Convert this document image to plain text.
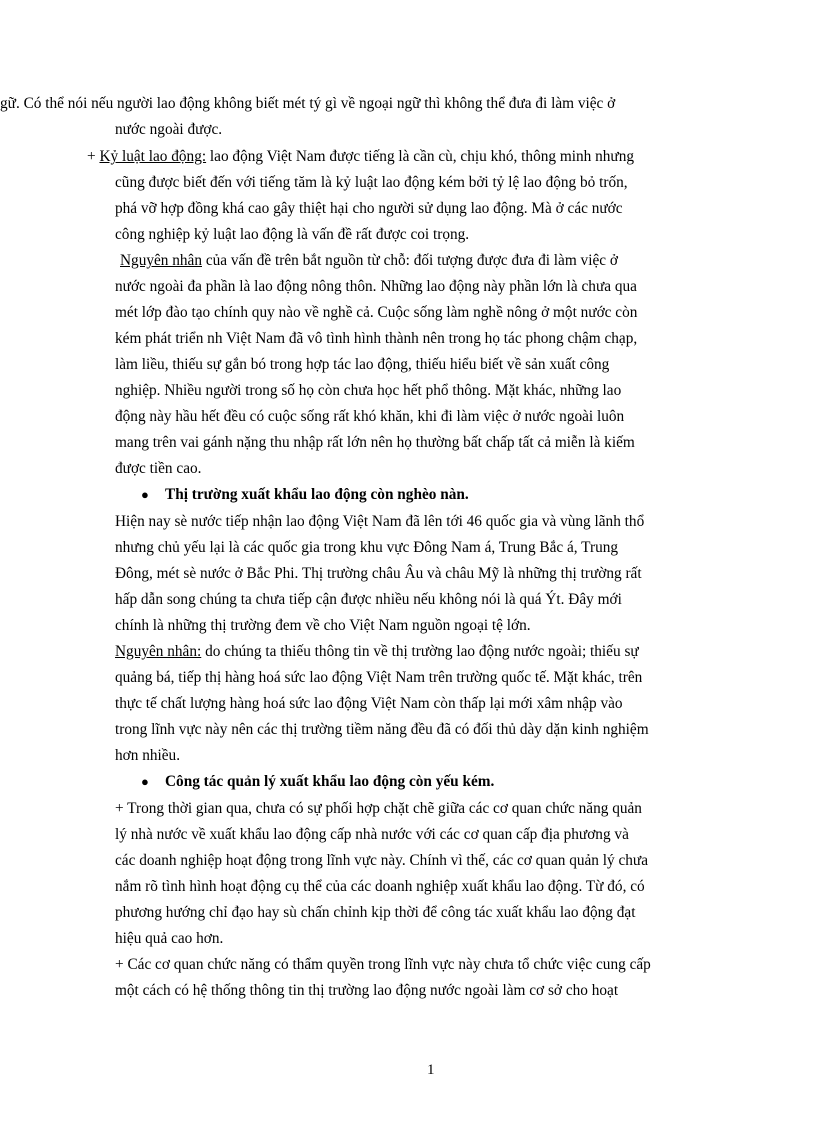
gữ. Có thể nói nếu người lao động không biết mét tý gì về ngoại ngữ thì không thể đưa đi làm việc ở
nước ngoài được.
+ Kỷ luật lao động: lao động Việt Nam được tiếng là cần cù, chịu khó, thông minh nhưng
cũng được biết đến với tiếng tăm là kỷ luật lao động kém bởi tỷ lệ lao động bỏ trốn,
phá vỡ hợp đồng khá cao gây thiệt hại cho người sử dụng lao động. Mà ở các nước
công nghiệp kỷ luật lao động là vấn đề rất được coi trọng.
Nguyên nhân của vấn đề trên bắt nguồn từ chỗ: đối tượng được đưa đi làm việc ở
nước ngoài đa phần là lao động nông thôn. Những lao động này phần lớn là chưa qua
mét lớp đào tạo chính quy nào về nghề cả. Cuộc sống làm nghề nông ở một nước còn
kém phát triển nh Việt Nam đã vô tình hình thành nên trong họ tác phong chậm chạp,
làm liều, thiếu sự gắn bó trong hợp tác lao động, thiếu hiểu biết về sản xuất công
nghiệp. Nhiều người trong số họ còn chưa học hết phổ thông. Mặt khác, những lao
động này hầu hết đều có cuộc sống rất khó khăn, khi đi làm việc ở nước ngoài luôn
mang trên vai gánh nặng thu nhập rất lớn nên họ thường bất chấp tất cả miễn là kiếm
được tiền cao.
● Thị trường xuất khẩu lao động còn nghèo nàn.
Hiện nay sè nước tiếp nhận lao động Việt Nam đã lên tới 46 quốc gia và vùng lãnh thổ
nhưng chủ yếu lại là các quốc gia trong khu vực Đông Nam á, Trung Bắc á, Trung
Đông, mét sè nước ở Bắc Phi. Thị trường châu Âu và châu Mỹ là những thị trường rất
hấp dẫn song chúng ta chưa tiếp cận được nhiều nếu không nói là quá Ýt. Đây mới
chính là những thị trường đem về cho Việt Nam nguồn ngoại tệ lớn.
Nguyên nhân: do chúng ta thiếu thông tin về thị trường lao động nước ngoài; thiếu sự
quảng bá, tiếp thị hàng hoá sức lao động Việt Nam trên trường quốc tế. Mặt khác, trên
thực tế chất lượng hàng hoá sức lao động Việt Nam còn thấp lại mới xâm nhập vào
trong lĩnh vực này nên các thị trường tiềm năng đều đã có đối thủ dày dặn kinh nghiệm
hơn nhiều.
● Công tác quản lý xuất khẩu lao động còn yếu kém.
+ Trong thời gian qua, chưa có sự phối hợp chặt chẽ giữa các cơ quan chức năng quản
lý nhà nước về xuất khẩu lao động cấp nhà nước với các cơ quan cấp địa phương và
các doanh nghiệp hoạt động trong lĩnh vực này. Chính vì thế, các cơ quan quản lý chưa
nắm rõ tình hình hoạt động cụ thể của các doanh nghiệp xuất khẩu lao động. Từ đó, có
phương hướng chỉ đạo hay sù chấn chỉnh kịp thời để công tác xuất khẩu lao động đạt
hiệu quả cao hơn.
+ Các cơ quan chức năng có thẩm quyền trong lĩnh vực này chưa tổ chức việc cung cấp
một cách có hệ thống thông tin thị trường lao động nước ngoài làm cơ sở cho hoạt
1
